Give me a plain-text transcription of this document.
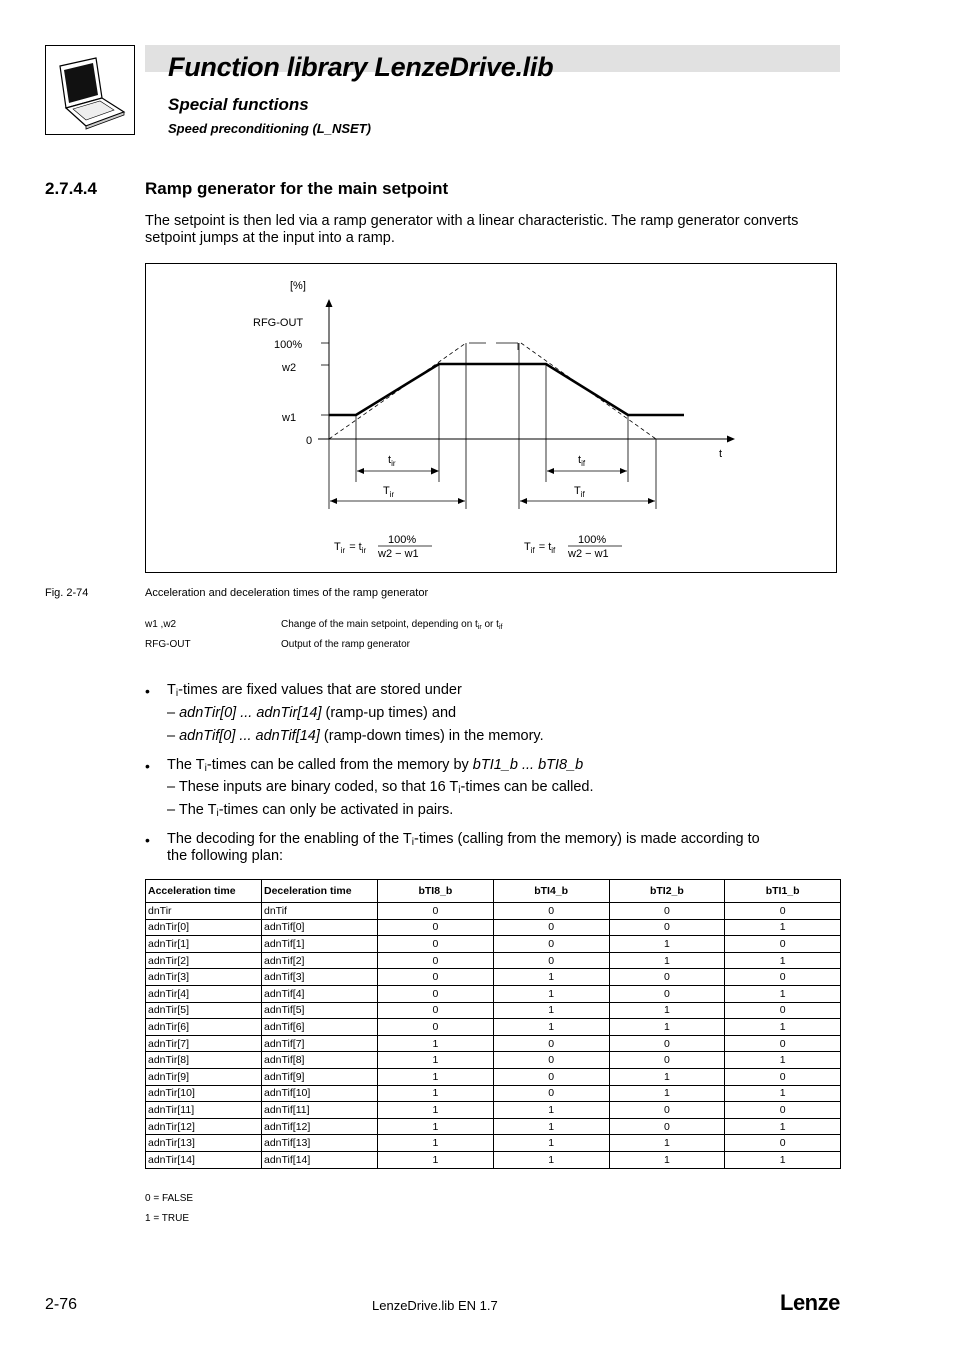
Function library LenzeDrive.lib
Special functions
Speed preconditioning (L_NSET)
2.7.4.4	Ramp generator for the main setpoint
The setpoint is then led via a ramp generator with a linear characteristic. The ramp generator converts setpoint jumps at the input into a ramp.
[%]
RFG-OUT
100%
w2
w1
0
t
$t_{ir}$	$t_{if}$
$T_{ir}$	$T_{if}$
$T_{ir} = t_{ir}$
100%
w2 − w1
$T_{if} = t_{if}$
100%
w2 − w1
Fig. 2-74	Acceleration and deceleration times of the ramp generator
w1 ,w2	Change of the main setpoint, depending on $t_{ir}$ or $t_{if}$
RFG-OUT	Output of the ramp generator
• $T_i$-times are fixed values that are stored under
– adnTir[0] ... adnTir[14] (ramp-up times) and
– adnTif[0] ... adnTif[14] (ramp-down times) in the memory.
• The $T_i$-times can be called from the memory by bTI1_b ... bTI8_b
– These inputs are binary coded, so that 16 $T_i$-times can be called.
– The $T_i$-times can only be activated in pairs.
• The decoding for the enabling of the $T_i$-times (calling from the memory) is made according to
the following plan:
Acceleration time	Deceleration time	bTI8_b	bTI4_b	bTI2_b	bTI1_b
dnTir	dnTif	0	0	0	0
adnTir[0]	adnTif[0]	0	0	0	1
adnTir[1]	adnTif[1]	0	0	1	0
adnTir[2]	adnTif[2]	0	0	1	1
adnTir[3]	adnTif[3]	0	1	0	0
adnTir[4]	adnTif[4]	0	1	0	1
adnTir[5]	adnTif[5]	0	1	1	0
adnTir[6]	adnTif[6]	0	1	1	1
adnTir[7]	adnTif[7]	1	0	0	0
adnTir[8]	adnTif[8]	1	0	0	1
adnTir[9]	adnTif[9]	1	0	1	0
adnTir[10]	adnTif[10]	1	0	1	1
adnTir[11]	adnTif[11]	1	1	0	0
adnTir[12]	adnTif[12]	1	1	0	1
adnTir[13]	adnTif[13]	1	1	1	0
adnTir[14]	adnTif[14]	1	1	1	1
0 = FALSE
1 = TRUE
2-76	LenzeDrive.lib EN 1.7	Lenze
